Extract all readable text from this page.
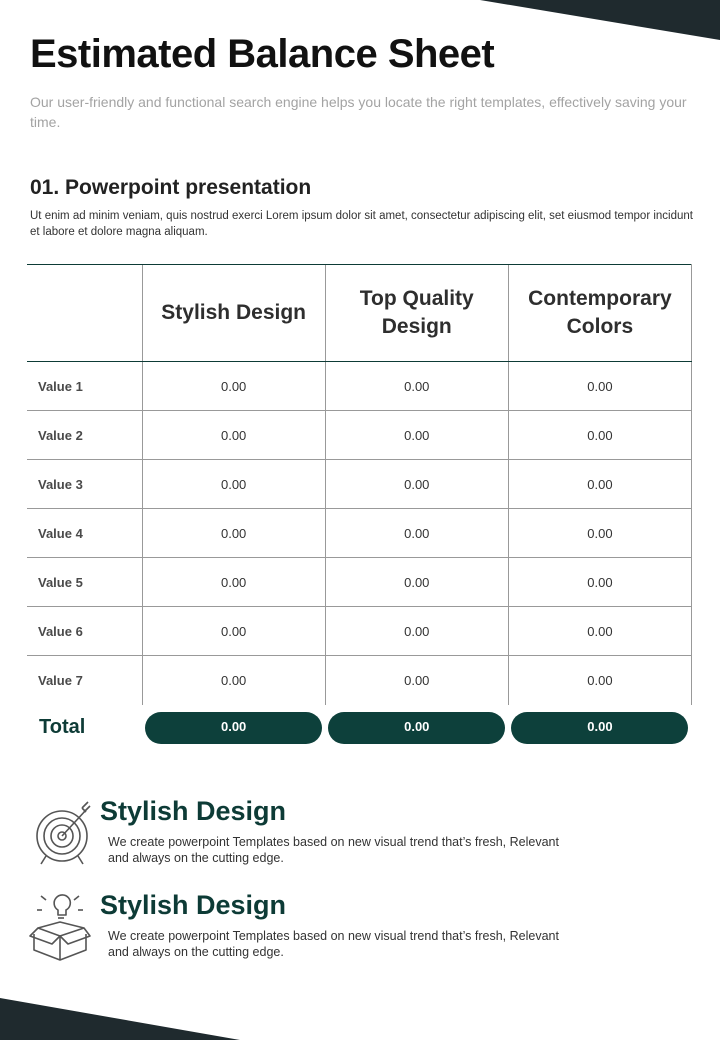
Estimated Balance Sheet

Our user-friendly and functional search engine helps you locate the right templates, effectively saving your time.

01. Powerpoint presentation

Ut enim ad minim veniam, quis nostrud exerci Lorem ipsum dolor sit amet, consectetur adipiscing elit, set eiusmod tempor incidunt et labore et dolore magna aliquam.

	Stylish Design	Top Quality Design	Contemporary Colors

Value 1	0.00	0.00	0.00
Value 2	0.00	0.00	0.00
Value 3	0.00	0.00	0.00
Value 4	0.00	0.00	0.00
Value 5	0.00	0.00	0.00
Value 6	0.00	0.00	0.00
Value 7	0.00	0.00	0.00
Total	0.00	0.00	0.00
Stylish Design

We create powerpoint Templates based on new visual trend that’s fresh, Relevant and always on the cutting edge.

Stylish Design

We create powerpoint Templates based on new visual trend that’s fresh, Relevant and always on the cutting edge.
